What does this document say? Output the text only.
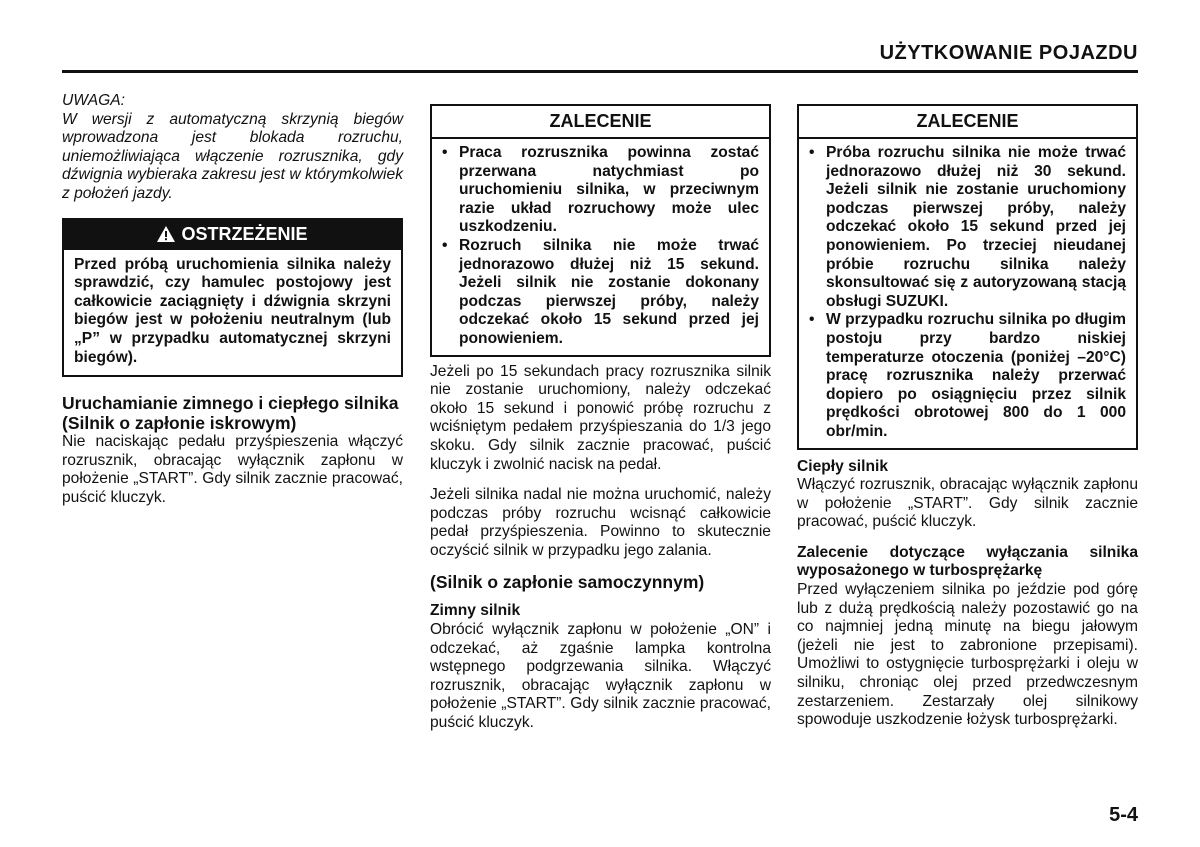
UŻYTKOWANIE POJAZDU

UWAGA:

W wersji z automatyczną skrzynią biegów wprowadzona jest blokada rozruchu, uniemożliwiająca włączenie rozrusznika, gdy dźwignia wybieraka zakresu jest w którymkolwiek z położeń jazdy.

OSTRZEŻENIE
Przed próbą uruchomienia silnika należy sprawdzić, czy hamulec postojowy jest całkowicie zaciągnięty i dźwignia skrzyni biegów jest w położeniu neutralnym (lub „P” w przypadku automatycznej skrzyni biegów).

Uruchamianie zimnego i ciepłego silnika

(Silnik o zapłonie iskrowym)

Nie naciskając pedału przyśpieszenia włączyć rozrusznik, obracając wyłącznik zapłonu w położenie „START”. Gdy silnik zacznie pracować, puścić kluczyk.

ZALECENIE
• Praca rozrusznika powinna zostać przerwana natychmiast po uruchomieniu silnika, w przeciwnym razie układ rozruchowy może ulec uszkodzeniu.
• Rozruch silnika nie może trwać jednorazowo dłużej niż 15 sekund. Jeżeli silnik nie zostanie dokonany podczas pierwszej próby, należy odczekać około 15 sekund przed jej ponowieniem.

Jeżeli po 15 sekundach pracy rozrusznika silnik nie zostanie uruchomiony, należy odczekać około 15 sekund i ponowić próbę rozruchu z wciśniętym pedałem przyśpieszania do 1/3 jego skoku. Gdy silnik zacznie pracować, puścić kluczyk i zwolnić nacisk na pedał.

Jeżeli silnika nadal nie można uruchomić, należy podczas próby rozruchu wcisnąć całkowicie pedał przyśpieszenia. Powinno to skutecznie oczyścić silnik w przypadku jego zalania.

(Silnik o zapłonie samoczynnym)

Zimny silnik

Obrócić wyłącznik zapłonu w położenie „ON” i odczekać, aż zgaśnie lampka kontrolna wstępnego podgrzewania silnika. Włączyć rozrusznik, obracając wyłącznik zapłonu w położenie „START”. Gdy silnik zacznie pracować, puścić kluczyk.

ZALECENIE
• Próba rozruchu silnika nie może trwać jednorazowo dłużej niż 30 sekund. Jeżeli silnik nie zostanie uruchomiony podczas pierwszej próby, należy odczekać około 15 sekund przed jej ponowieniem. Po trzeciej nieudanej próbie rozruchu silnika należy skonsultować się z autoryzowaną stacją obsługi SUZUKI.
• W przypadku rozruchu silnika po długim postoju przy bardzo niskiej temperaturze otoczenia (poniżej –20°C) pracę rozrusznika należy przerwać dopiero po osiągnięciu przez silnik prędkości obrotowej 800 do 1 000 obr/min.

Ciepły silnik

Włączyć rozrusznik, obracając wyłącznik zapłonu w położenie „START”. Gdy silnik zacznie pracować, puścić kluczyk.

Zalecenie dotyczące wyłączania silnika wyposażonego w turbosprężarkę

Przed wyłączeniem silnika po jeździe pod górę lub z dużą prędkością należy pozostawić go na co najmniej jedną minutę na biegu jałowym (jeżeli nie jest to zabronione przepisami). Umożliwi to ostygnięcie turbosprężarki i oleju w silniku, chroniąc olej przed przedwczesnym zestarzeniem. Zestarzały olej silnikowy spowoduje uszkodzenie łożysk turbosprężarki.

5-4
